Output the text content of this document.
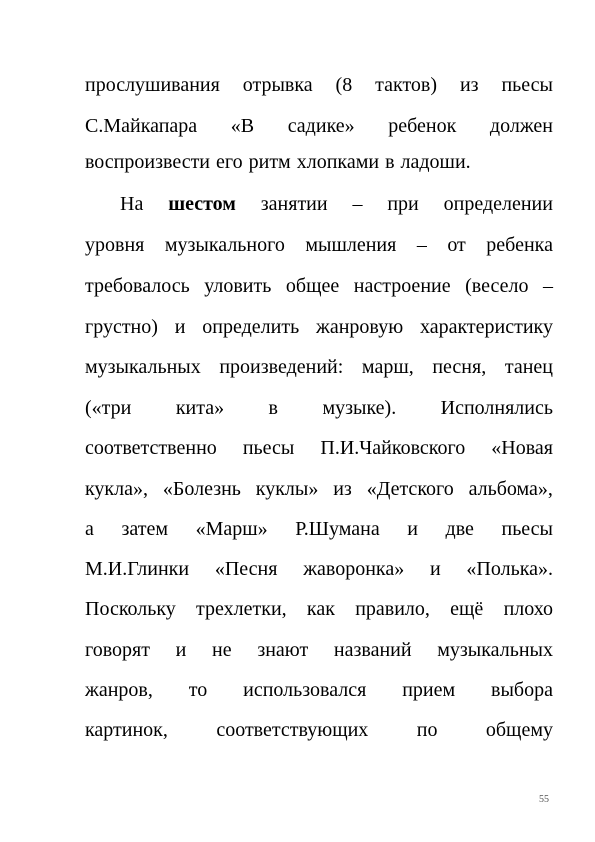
прослушивания отрывка (8 тактов) из пьесы
С.Майкапара «В садике» ребенок должен
воспроизвести его ритм хлопками в ладоши.
На шестом занятии – при определении
уровня музыкального мышления – от ребенка
требовалось уловить общее настроение (весело –
грустно) и определить жанровую характеристику
музыкальных произведений: марш, песня, танец
(«три кита» в музыке). Исполнялись
соответственно пьесы П.И.Чайковского «Новая
кукла», «Болезнь куклы» из «Детского альбома»,
а затем «Марш» Р.Шумана и две пьесы
М.И.Глинки «Песня жаворонка» и «Полька».
Поскольку трехлетки, как правило, ещё плохо
говорят и не знают названий музыкальных
жанров, то использовался прием выбора
картинок, соответствующих по общему
55
